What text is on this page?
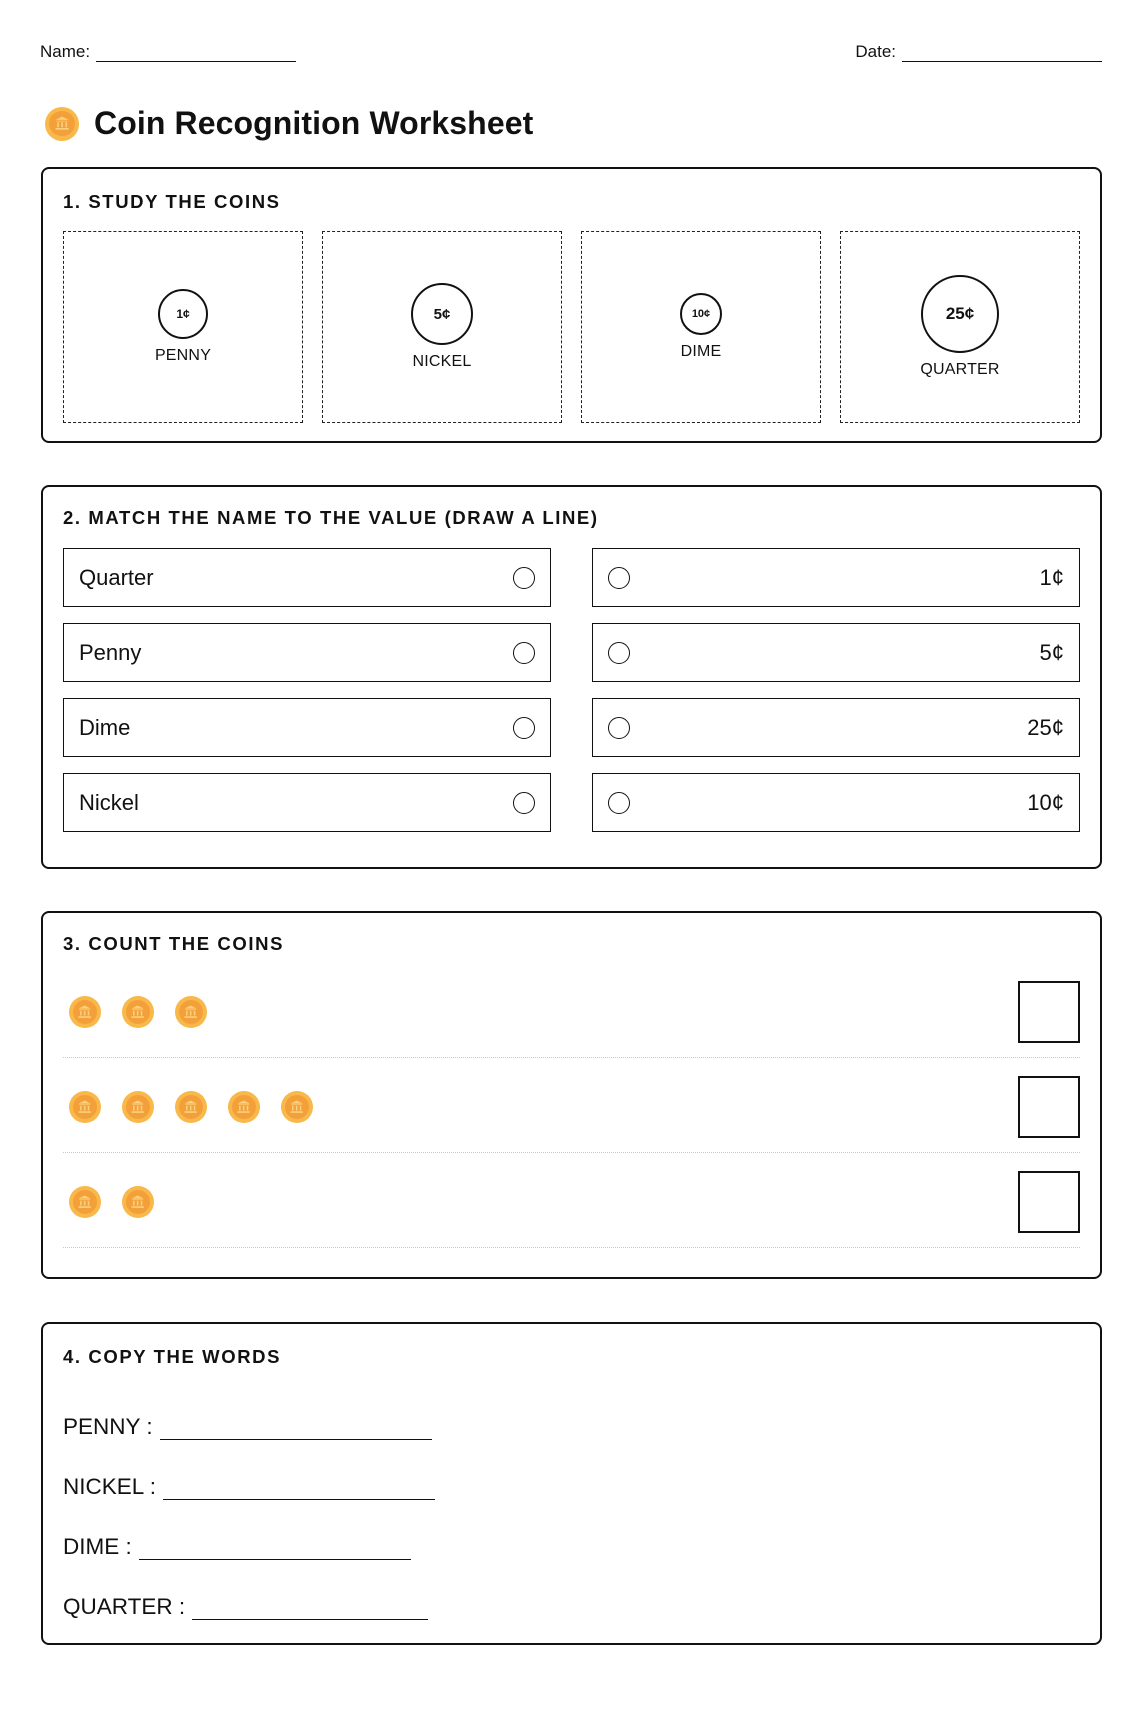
Name:	Date:
Coin Recognition Worksheet
1. STUDY THE COINS
1¢
PENNY
5¢
NICKEL
10¢
DIME
25¢
QUARTER
2. MATCH THE NAME TO THE VALUE (DRAW A LINE)
Quarter	1¢
Penny	5¢
Dime	25¢
Nickel	10¢
3. COUNT THE COINS
4. COPY THE WORDS
PENNY :
NICKEL :
DIME :
QUARTER :
